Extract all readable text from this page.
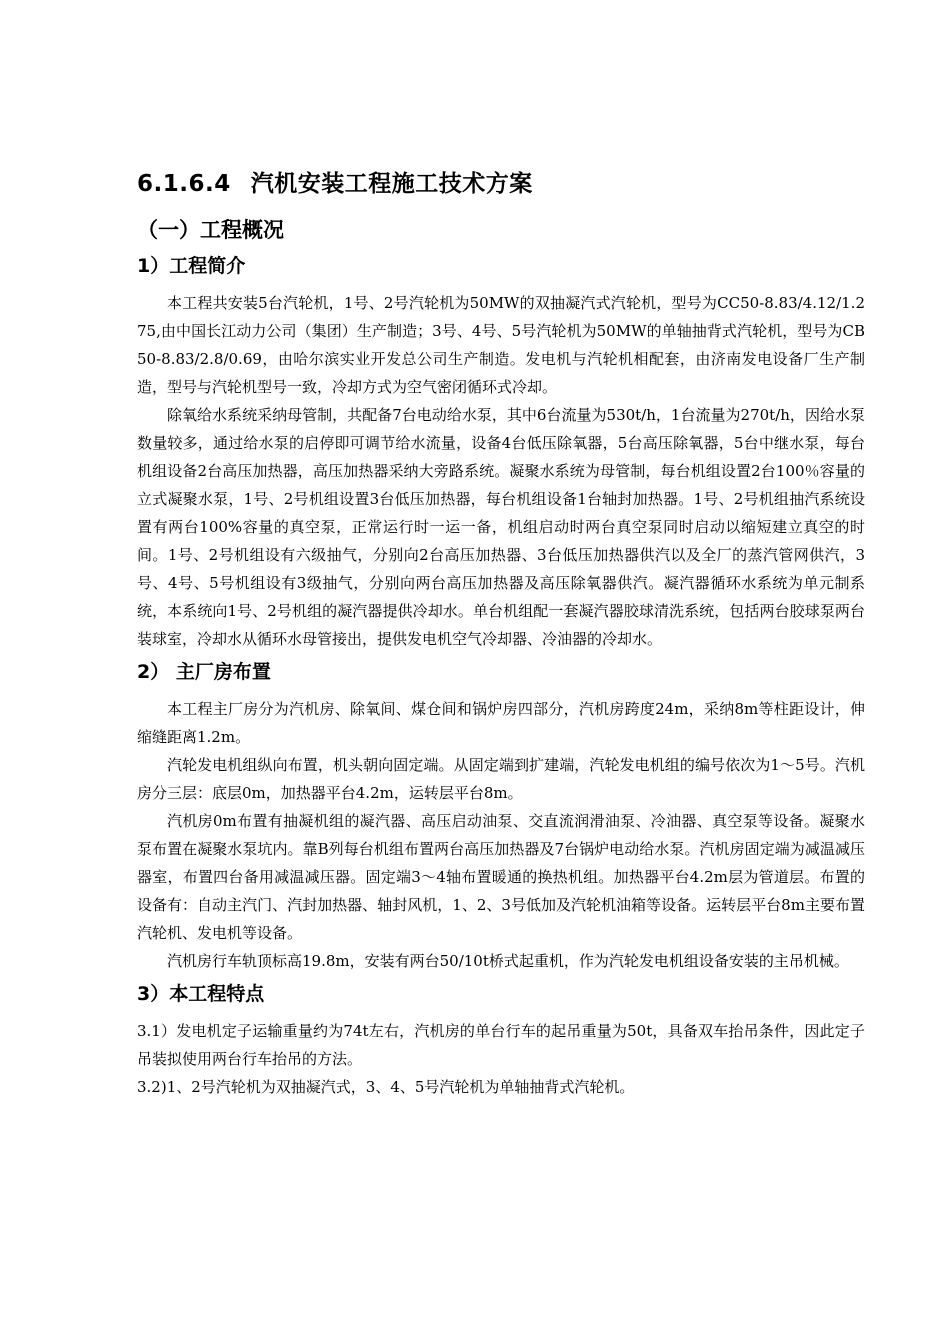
6.1.6.4 汽机安装工程施工技术方案
（一）工程概况
1）工程简介

本工程共安装5台汽轮机，1号、2号汽轮机为50MW的双抽凝汽式汽轮机，型号为CC50-8.83/4.12/1.275,由中国长江动力公司（集团）生产制造；3号、4号、5号汽轮机为50MW的单轴抽背式汽轮机，型号为CB50-8.83/2.8/0.69，由哈尔滨实业开发总公司生产制造。发电机与汽轮机相配套，由济南发电设备厂生产制造，型号与汽轮机型号一致，冷却方式为空气密闭循环式冷却。

除氧给水系统采纳母管制，共配备7台电动给水泵，其中6台流量为530t/h，1台流量为270t/h，因给水泵数量较多，通过给水泵的启停即可调节给水流量，设备4台低压除氧器，5台高压除氧器，5台中继水泵，每台机组设备2台高压加热器，高压加热器采纳大旁路系统。凝聚水系统为母管制，每台机组设置2台100％容量的立式凝聚水泵，1号、2号机组设置3台低压加热器，每台机组设备1台轴封加热器。1号、2号机组抽汽系统设置有两台100%容量的真空泵，正常运行时一运一备，机组启动时两台真空泵同时启动以缩短建立真空的时间。1号、2号机组设有六级抽气，分别向2台高压加热器、3台低压加热器供汽以及全厂的蒸汽管网供汽，3号、4号、5号机组设有3级抽气，分别向两台高压加热器及高压除氧器供汽。凝汽器循环水系统为单元制系统，本系统向1号、2号机组的凝汽器提供冷却水。单台机组配一套凝汽器胶球清洗系统，包括两台胶球泵两台装球室，冷却水从循环水母管接出，提供发电机空气冷却器、冷油器的冷却水。

2） 主厂房布置

本工程主厂房分为汽机房、除氧间、煤仓间和锅炉房四部分，汽机房跨度24m，采纳8m等柱距设计，伸缩缝距离1.2m。

汽轮发电机组纵向布置，机头朝向固定端。从固定端到扩建端，汽轮发电机组的编号依次为1～5号。汽机房分三层：底层0m，加热器平台4.2m，运转层平台8m。

汽机房0m布置有抽凝机组的凝汽器、高压启动油泵、交直流润滑油泵、冷油器、真空泵等设备。凝聚水泵布置在凝聚水泵坑内。靠B列每台机组布置两台高压加热器及7台锅炉电动给水泵。汽机房固定端为减温减压器室，布置四台备用减温减压器。固定端3～4轴布置暖通的换热机组。加热器平台4.2m层为管道层。布置的设备有：自动主汽门、汽封加热器、轴封风机，1、2、3号低加及汽轮机油箱等设备。运转层平台8m主要布置汽轮机、发电机等设备。

汽机房行车轨顶标高19.8m，安装有两台50/10t桥式起重机，作为汽轮发电机组设备安装的主吊机械。

3）本工程特点

3.1）发电机定子运输重量约为74t左右，汽机房的单台行车的起吊重量为50t，具备双车抬吊条件，因此定子吊装拟使用两台行车抬吊的方法。

3.2)1、2号汽轮机为双抽凝汽式，3、4、5号汽轮机为单轴抽背式汽轮机。
